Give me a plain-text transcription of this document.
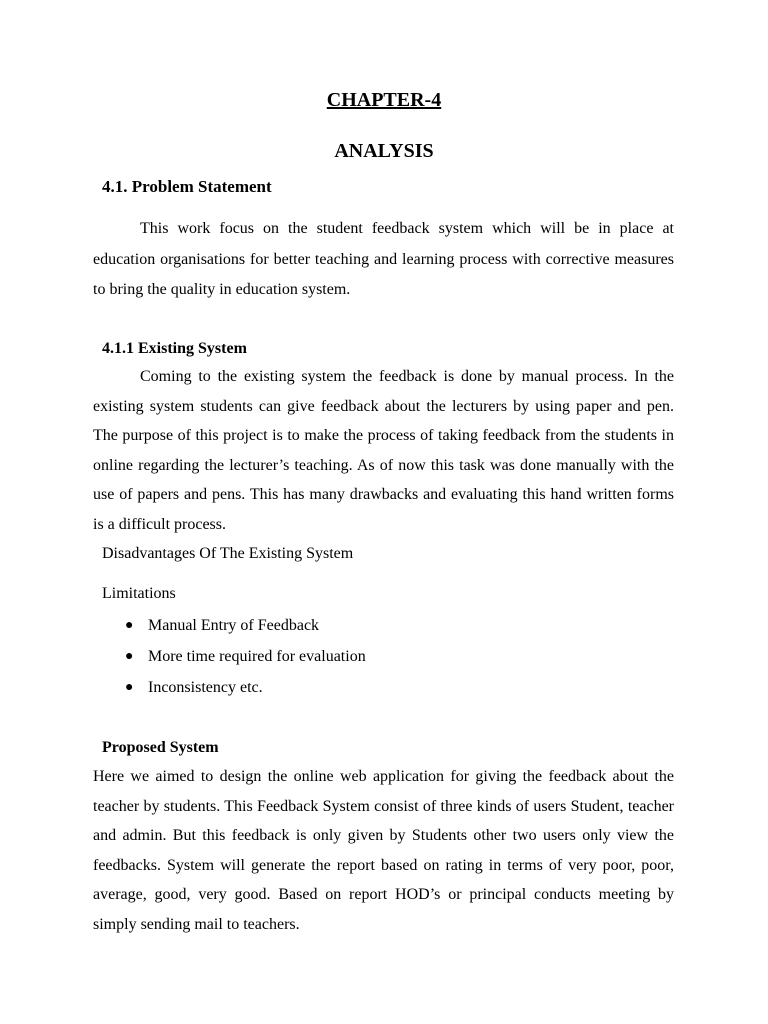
CHAPTER-4
ANALYSIS
4.1. Problem Statement

This work focus on the student feedback system which will be in place at education organisations for better teaching and learning process with corrective measures to bring the quality in education system.

4.1.1 Existing System

Coming to the existing system the feedback is done by manual process. In the existing system students can give feedback about the lecturers by using paper and pen. The purpose of this project is to make the process of taking feedback from the students in online regarding the lecturer’s teaching. As of now this task was done manually with the use of papers and pens. This has many drawbacks and evaluating this hand written forms is a difficult process.

Disadvantages Of The Existing System

Limitations

● Manual Entry of Feedback
● More time required for evaluation
● Inconsistency etc.
Proposed System

Here we aimed to design the online web application for giving the feedback about the teacher by students. This Feedback System consist of three kinds of users Student, teacher and admin. But this feedback is only given by Students other two users only view the feedbacks. System will generate the report based on rating in terms of very poor, poor, average, good, very good. Based on report HOD’s or principal conducts meeting by simply sending mail to teachers.
